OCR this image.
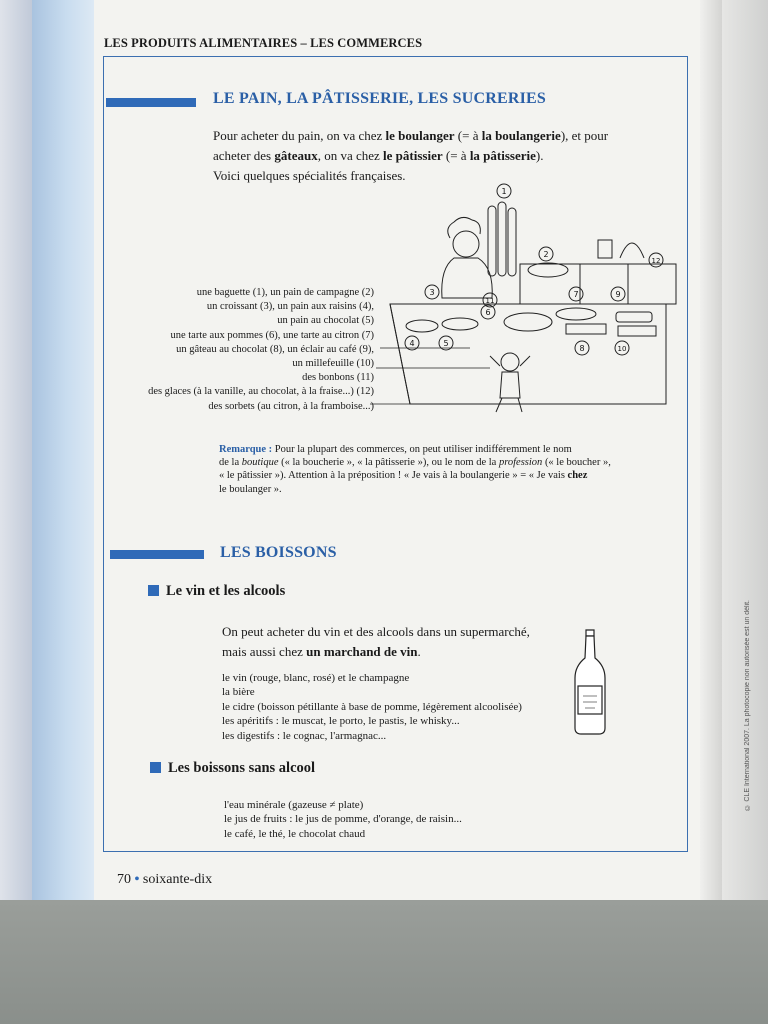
LES PRODUITS ALIMENTAIRES – LES COMMERCES
LE PAIN, LA PÂTISSERIE, LES SUCRERIES
Pour acheter du pain, on va chez le boulanger (= à la boulangerie), et pour
acheter des gâteaux, on va chez le pâtissier (= à la pâtisserie).
Voici quelques spécialités françaises.
une baguette (1), un pain de campagne (2)
un croissant (3), un pain aux raisins (4),
un pain au chocolat (5)
une tarte aux pommes (6), une tarte au citron (7)
un gâteau au chocolat (8), un éclair au café (9),
un millefeuille (10)
des bonbons (11)
des glaces (à la vanille, au chocolat, à la fraise...) (12)
des sorbets (au citron, à la framboise...)
1
2
3
4	5
6
7
8
9
10
11
12
Remarque : Pour la plupart des commerces, on peut utiliser indifféremment le nom
de la boutique (« la boucherie », « la pâtisserie »), ou le nom de la profession (« le boucher »,
« le pâtissier »). Attention à la préposition ! « Je vais à la boulangerie » = « Je vais chez
le boulanger ».
LES BOISSONS
Le vin et les alcools
On peut acheter du vin et des alcools dans un supermarché,
mais aussi chez un marchand de vin.
le vin (rouge, blanc, rosé) et le champagne
la bière
le cidre (boisson pétillante à base de pomme, légèrement alcoolisée)
les apéritifs : le muscat, le porto, le pastis, le whisky...
les digestifs : le cognac, l'armagnac...
Les boissons sans alcool
l'eau minérale (gazeuse ≠ plate)
le jus de fruits : le jus de pomme, d'orange, de raisin...
le café, le thé, le chocolat chaud
70 • soixante-dix
© CLE International 2007. La photocopie non autorisée est un délit.
